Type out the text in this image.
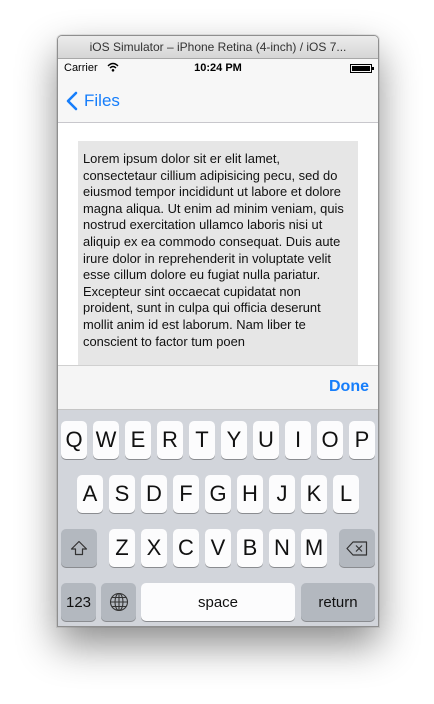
iOS Simulator – iPhone Retina (4-inch) / iOS 7...
Carrier	10:24 PM
Files
Lorem ipsum dolor sit er elit lamet, consectetaur cillium adipisicing pecu, sed do eiusmod tempor incididunt ut labore et dolore magna aliqua. Ut enim ad minim veniam, quis nostrud exercitation ullamco laboris nisi ut aliquip ex ea commodo consequat. Duis aute irure dolor in reprehenderit in voluptate velit esse cillum dolore eu fugiat nulla pariatur. Excepteur sint occaecat cupidatat non proident, sunt in culpa qui officia deserunt mollit anim id est laborum. Nam liber te conscient to factor tum poen
Done
Q W E R T Y U I O P
A S D F G H J K L
Z X C V B N M
123	space	return
